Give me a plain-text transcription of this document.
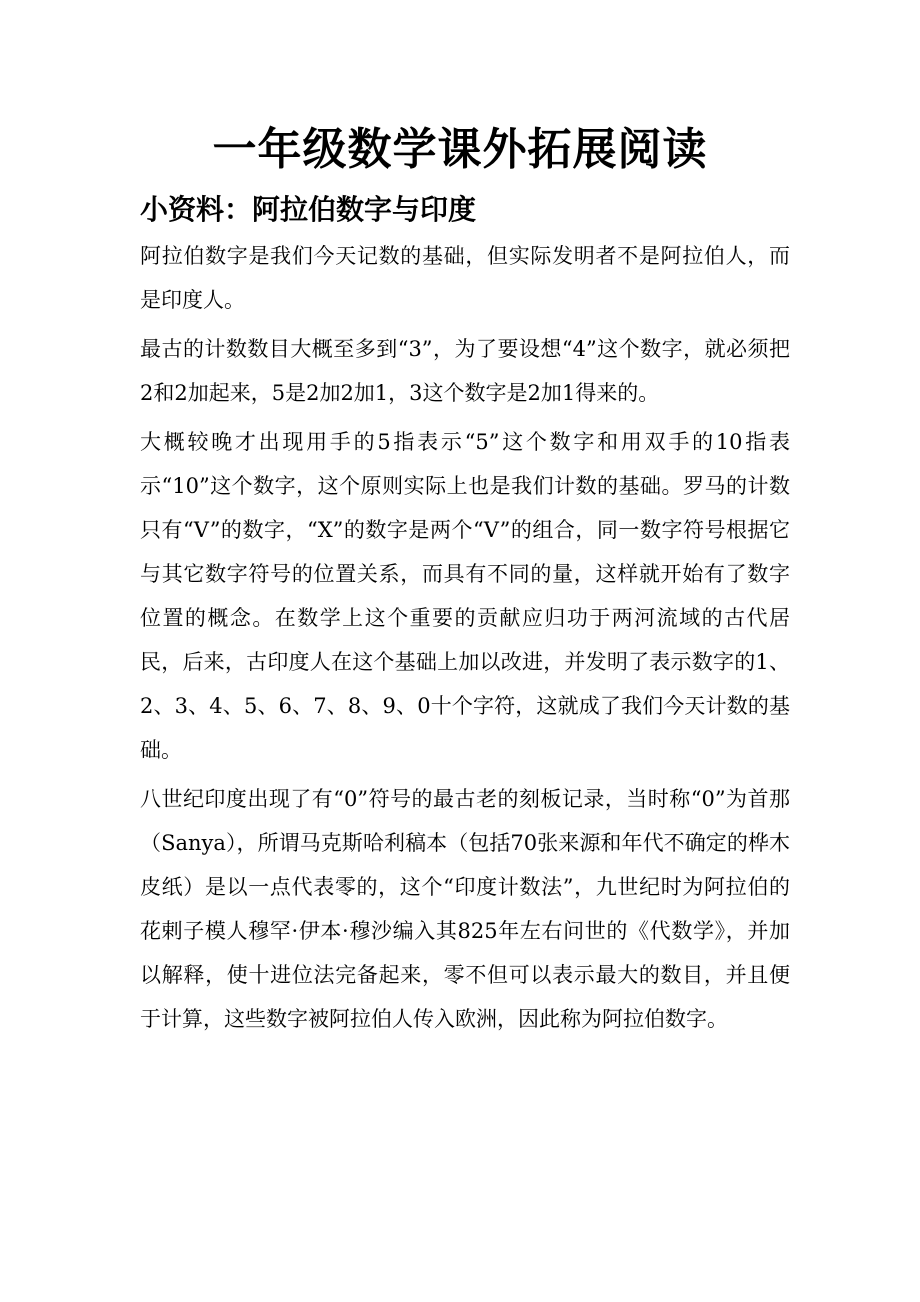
一年级数学课外拓展阅读
小资料：阿拉伯数字与印度

阿拉伯数字是我们今天记数的基础，但实际发明者不是阿拉伯人，而是印度人。

最古的计数数目大概至多到“3”，为了要设想“4”这个数字，就必须把2和2加起来，5是2加2加1，3这个数字是2加1得来的。

大概较晚才出现用手的5指表示“5”这个数字和用双手的10指表示“10”这个数字，这个原则实际上也是我们计数的基础。罗马的计数只有“V”的数字，“X”的数字是两个“V”的组合，同一数字符号根据它与其它数字符号的位置关系，而具有不同的量，这样就开始有了数字位置的概念。在数学上这个重要的贡献应归功于两河流域的古代居民，后来，古印度人在这个基础上加以改进，并发明了表示数字的1、2、3、4、5、6、7、8、9、0十个字符，这就成了我们今天计数的基础。

八世纪印度出现了有“0”符号的最古老的刻板记录，当时称“0”为首那（Sanya），所谓马克斯哈利稿本（包括70张来源和年代不确定的桦木皮纸）是以一点代表零的，这个“印度计数法”，九世纪时为阿拉伯的花剌子模人穆罕·伊本·穆沙编入其825年左右问世的《代数学》，并加以解释，使十进位法完备起来，零不但可以表示最大的数目，并且便于计算，这些数字被阿拉伯人传入欧洲，因此称为阿拉伯数字。
